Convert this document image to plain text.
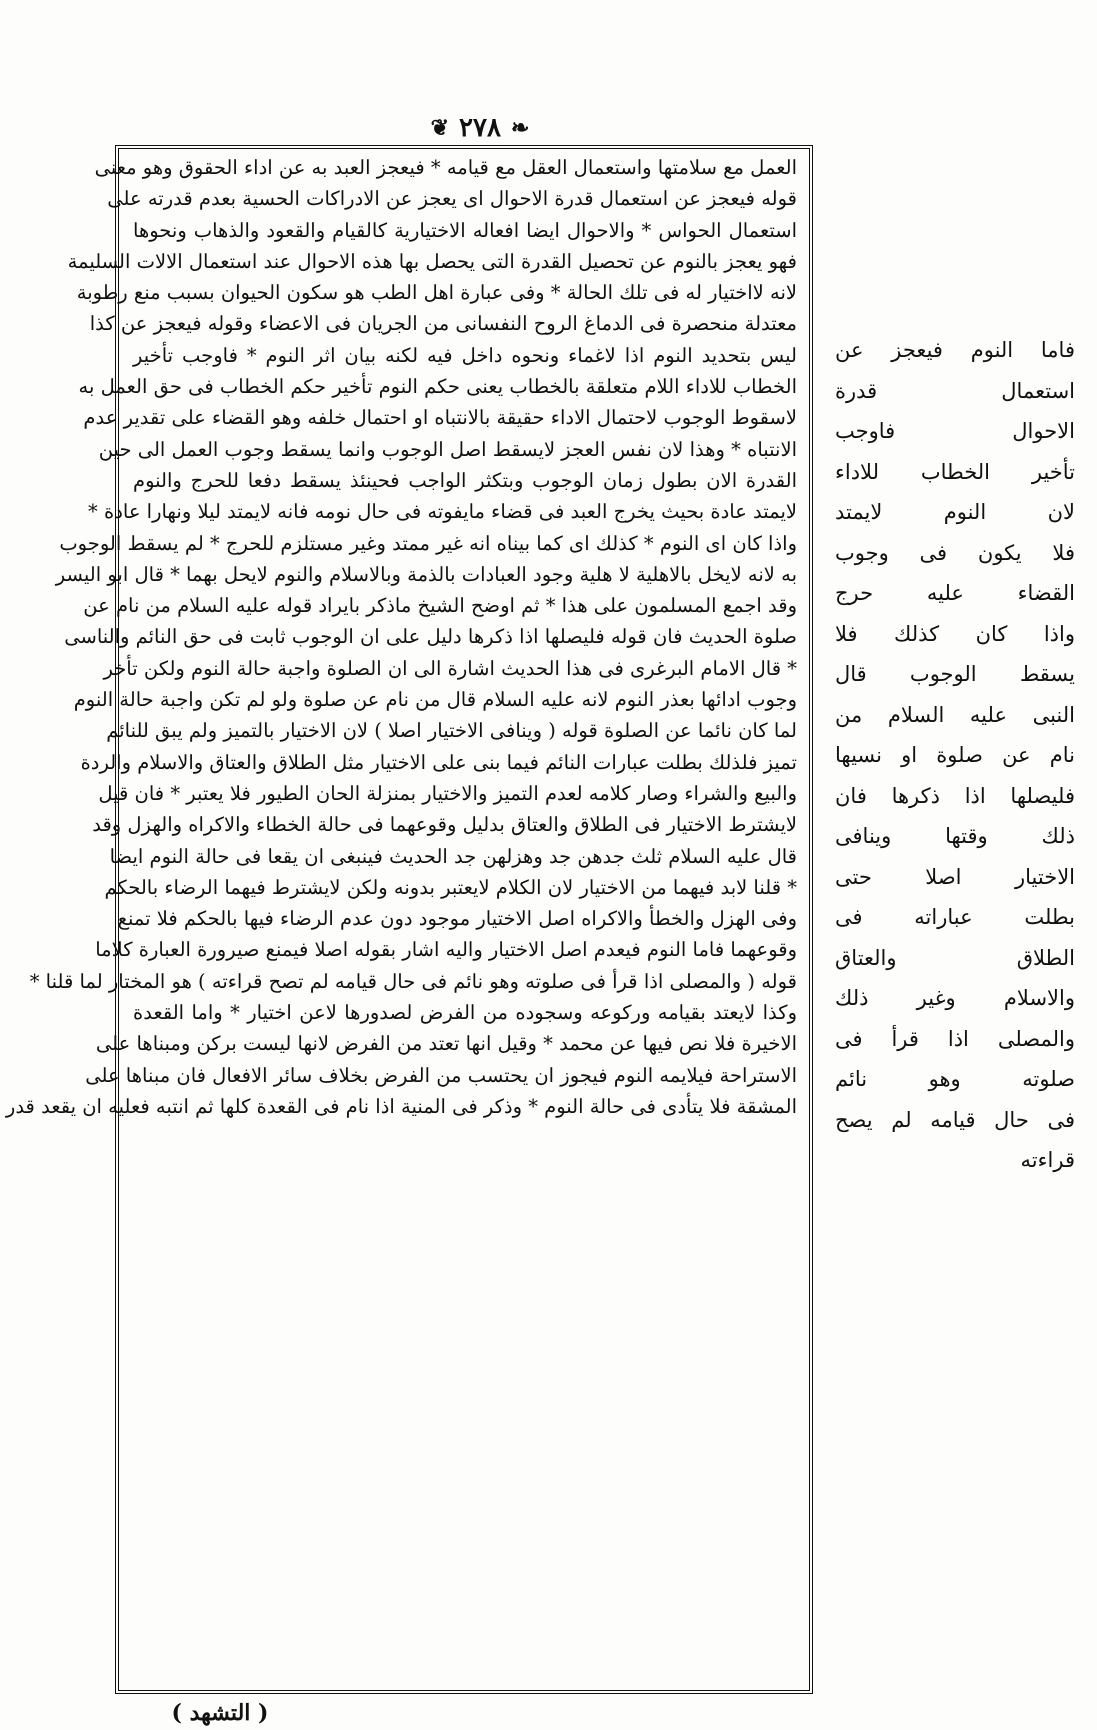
❧
٢٧٨
❦
العمل مع سلامتها واستعمال العقل مع قيامه * فيعجز العبد به عن اداء الحقوق وهو معنى
قوله فيعجز عن استعمال قدرة الاحوال اى يعجز عن الادراكات الحسية بعدم قدرته على
استعمال الحواس * والاحوال ايضا افعاله الاختيارية كالقيام والقعود والذهاب ونحوها
فهو يعجز بالنوم عن تحصيل القدرة التى يحصل بها هذه الاحوال عند استعمال الالات السليمة
لانه لااختيار له فى تلك الحالة * وفى عبارة اهل الطب هو سكون الحيوان بسبب منع رطوبة
معتدلة منحصرة فى الدماغ الروح النفسانى من الجريان فى الاعضاء وقوله فيعجز عن كذا
ليس بتحديد النوم اذا لاغماء ونحوه داخل فيه لكنه بيان اثر النوم * فاوجب تأخير
الخطاب للاداء اللام متعلقة بالخطاب يعنى حكم النوم تأخير حكم الخطاب فى حق العمل به
لاسقوط الوجوب لاحتمال الاداء حقيقة بالانتباه او احتمال خلفه وهو القضاء على تقدير عدم
الانتباه * وهذا لان نفس العجز لايسقط اصل الوجوب وانما يسقط وجوب العمل الى حين
القدرة الان بطول زمان الوجوب وبتكثر الواجب فحينئذ يسقط دفعا للحرج والنوم
لايمتد عادة بحيث يخرج العبد فى قضاء مايفوته فى حال نومه فانه لايمتد ليلا ونهارا عادة *
واذا كان اى النوم * كذلك اى كما بيناه انه غير ممتد وغير مستلزم للحرج * لم يسقط الوجوب
به لانه لايخل بالاهلية لا هلية وجود العبادات بالذمة وبالاسلام والنوم لايحل بهما * قال ابو اليسر
وقد اجمع المسلمون على هذا * ثم اوضح الشيخ ماذكر بايراد قوله عليه السلام من نام عن
صلوة الحديث فان قوله فليصلها اذا ذكرها دليل على ان الوجوب ثابت فى حق النائم والناسى
* قال الامام البرغرى فى هذا الحديث اشارة الى ان الصلوة واجبة حالة النوم ولكن تأخر
وجوب ادائها بعذر النوم لانه عليه السلام قال من نام عن صلوة ولو لم تكن واجبة حالة النوم
لما كان نائما عن الصلوة قوله ( وينافى الاختيار اصلا ) لان الاختيار بالتميز ولم يبق للنائم
تميز فلذلك بطلت عبارات النائم فيما بنى على الاختيار مثل الطلاق والعتاق والاسلام والردة
والبيع والشراء وصار كلامه لعدم التميز والاختيار بمنزلة الحان الطيور فلا يعتبر * فان قيل
لايشترط الاختيار فى الطلاق والعتاق بدليل وقوعهما فى حالة الخطاء والاكراه والهزل وقد
قال عليه السلام ثلث جدهن جد وهزلهن جد الحديث فينبغى ان يقعا فى حالة النوم ايضا
* قلنا لابد فيهما من الاختيار لان الكلام لايعتبر بدونه ولكن لايشترط فيهما الرضاء بالحكم
وفى الهزل والخطأ والاكراه اصل الاختيار موجود دون عدم الرضاء فيها بالحكم فلا تمنع
وقوعهما فاما النوم فيعدم اصل الاختيار واليه اشار بقوله اصلا فيمنع صيرورة العبارة كلاما
قوله ( والمصلى اذا قرأ فى صلوته وهو نائم فى حال قيامه لم تصح قراءته ) هو المختار لما قلنا *
وكذا لايعتد بقيامه وركوعه وسجوده من الفرض لصدورها لاعن اختيار * واما القعدة
الاخيرة فلا نص فيها عن محمد * وقيل انها تعتد من الفرض لانها ليست بركن ومبناها على
الاستراحة فيلايمه النوم فيجوز ان يحتسب من الفرض بخلاف سائر الافعال فان مبناها على
المشقة فلا يتأدى فى حالة النوم * وذكر فى المنية اذا نام فى القعدة كلها ثم انتبه فعليه ان يقعد قدر
فاما النوم فيعجز عن
استعمال قدرة
الاحوال فاوجب
تأخير الخطاب للاداء
لان النوم لايمتد
فلا يكون فى وجوب
القضاء عليه حرج
واذا كان كذلك فلا
يسقط الوجوب قال
النبى عليه السلام من
نام عن صلوة او نسيها
فليصلها اذا ذكرها فان
ذلك وقتها وينافى
الاختيار اصلا حتى
بطلت عباراته فى
الطلاق والعتاق
والاسلام وغير ذلك
والمصلى اذا قرأ فى
صلوته وهو نائم
فى حال قيامه لم يصح
قراءته
( التشهد )
